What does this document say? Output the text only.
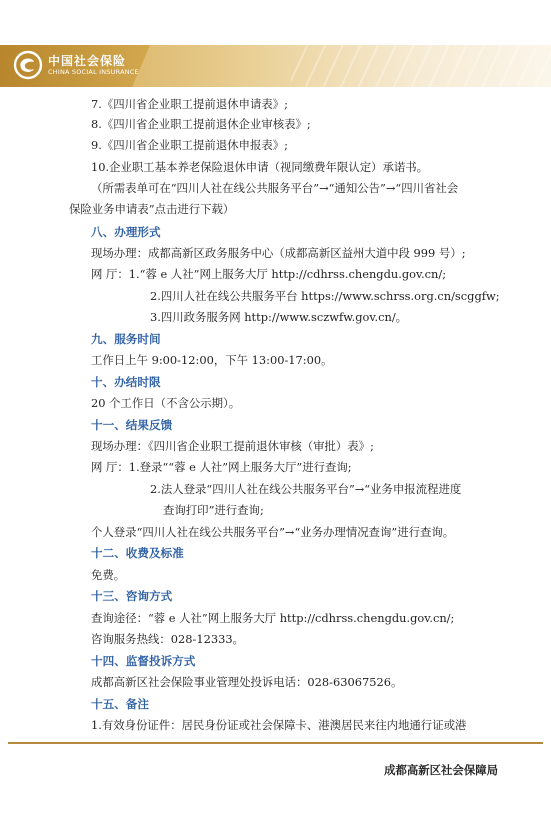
中国社会保险
CHINA SOCIAL INSURANCE
7.《四川省企业职工提前退休申请表》;
8.《四川省企业职工提前退休企业审核表》;
9.《四川省企业职工提前退休申报表》;
10.企业职工基本养老保险退休申请（视同缴费年限认定）承诺书。
（所需表单可在“四川人社在线公共服务平台”→“通知公告”→“四川省社会
保险业务申请表”点击进行下载）
八、办理形式
现场办理：成都高新区政务服务中心（成都高新区益州大道中段 999 号）;
网 厅：1.“蓉 e 人社”网上服务大厅 http://cdhrss.chengdu.gov.cn/;
2.四川人社在线公共服务平台 https://www.schrss.org.cn/scggfw;
3.四川政务服务网 http://www.sczwfw.gov.cn/。
九、服务时间
工作日上午 9:00-12:00，下午 13:00-17:00。
十、办结时限
20 个工作日（不含公示期）。
十一、结果反馈
现场办理：《四川省企业职工提前退休审核（审批）表》;
网 厅：1.登录““蓉 e 人社”网上服务大厅”进行查询;
2.法人登录“四川人社在线公共服务平台”→“业务申报流程进度
查询打印”进行查询;
个人登录“四川人社在线公共服务平台”→“业务办理情况查询”进行查询。
十二、收费及标准
免费。
十三、咨询方式
查询途径：“蓉 e 人社”网上服务大厅 http://cdhrss.chengdu.gov.cn/;
咨询服务热线：028-12333。
十四、监督投诉方式
成都高新区社会保险事业管理处投诉电话：028-63067526。
十五、备注
1.有效身份证件：居民身份证或社会保障卡、港澳居民来往内地通行证或港
成都高新区社会保障局
